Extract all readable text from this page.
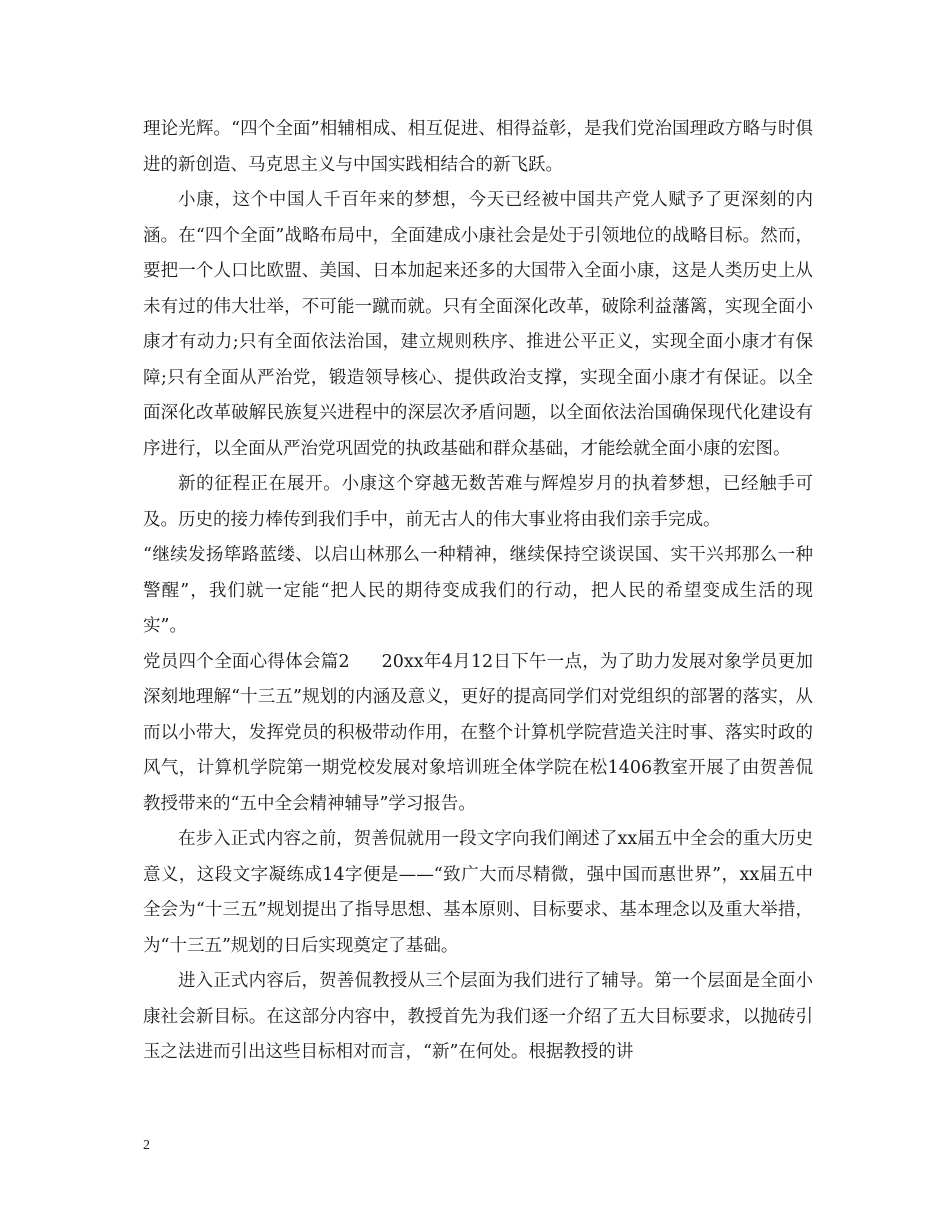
理论光辉。“四个全面”相辅相成、相互促进、相得益彰，是我们党治国理政方略与时俱进的新创造、马克思主义与中国实践相结合的新飞跃。

小康，这个中国人千百年来的梦想，今天已经被中国共产党人赋予了更深刻的内涵。在“四个全面”战略布局中，全面建成小康社会是处于引领地位的战略目标。然而，要把一个人口比欧盟、美国、日本加起来还多的大国带入全面小康，这是人类历史上从未有过的伟大壮举，不可能一蹴而就。只有全面深化改革，破除利益藩篱，实现全面小康才有动力;只有全面依法治国，建立规则秩序、推进公平正义，实现全面小康才有保障;只有全面从严治党，锻造领导核心、提供政治支撑，实现全面小康才有保证。以全面深化改革破解民族复兴进程中的深层次矛盾问题，以全面依法治国确保现代化建设有序进行，以全面从严治党巩固党的执政基础和群众基础，才能绘就全面小康的宏图。

新的征程正在展开。小康这个穿越无数苦难与辉煌岁月的执着梦想，已经触手可及。历史的接力棒传到我们手中，前无古人的伟大事业将由我们亲手完成。

“继续发扬筚路蓝缕、以启山林那么一种精神，继续保持空谈误国、实干兴邦那么一种警醒”，我们就一定能“把人民的期待变成我们的行动，把人民的希望变成生活的现实”。

党员四个全面心得体会篇2 20xx年4月12日下午一点，为了助力发展对象学员更加深刻地理解“十三五”规划的内涵及意义，更好的提高同学们对党组织的部署的落实，从而以小带大，发挥党员的积极带动作用，在整个计算机学院营造关注时事、落实时政的风气，计算机学院第一期党校发展对象培训班全体学院在松1406教室开展了由贺善侃教授带来的“五中全会精神辅导”学习报告。

在步入正式内容之前，贺善侃就用一段文字向我们阐述了xx届五中全会的重大历史意义，这段文字凝练成14字便是——“致广大而尽精微，强中国而惠世界”，xx届五中全会为“十三五”规划提出了指导思想、基本原则、目标要求、基本理念以及重大举措，为“十三五”规划的日后实现奠定了基础。

进入正式内容后，贺善侃教授从三个层面为我们进行了辅导。第一个层面是全面小康社会新目标。在这部分内容中，教授首先为我们逐一介绍了五大目标要求，以抛砖引玉之法进而引出这些目标相对而言，“新”在何处。根据教授的讲

2
